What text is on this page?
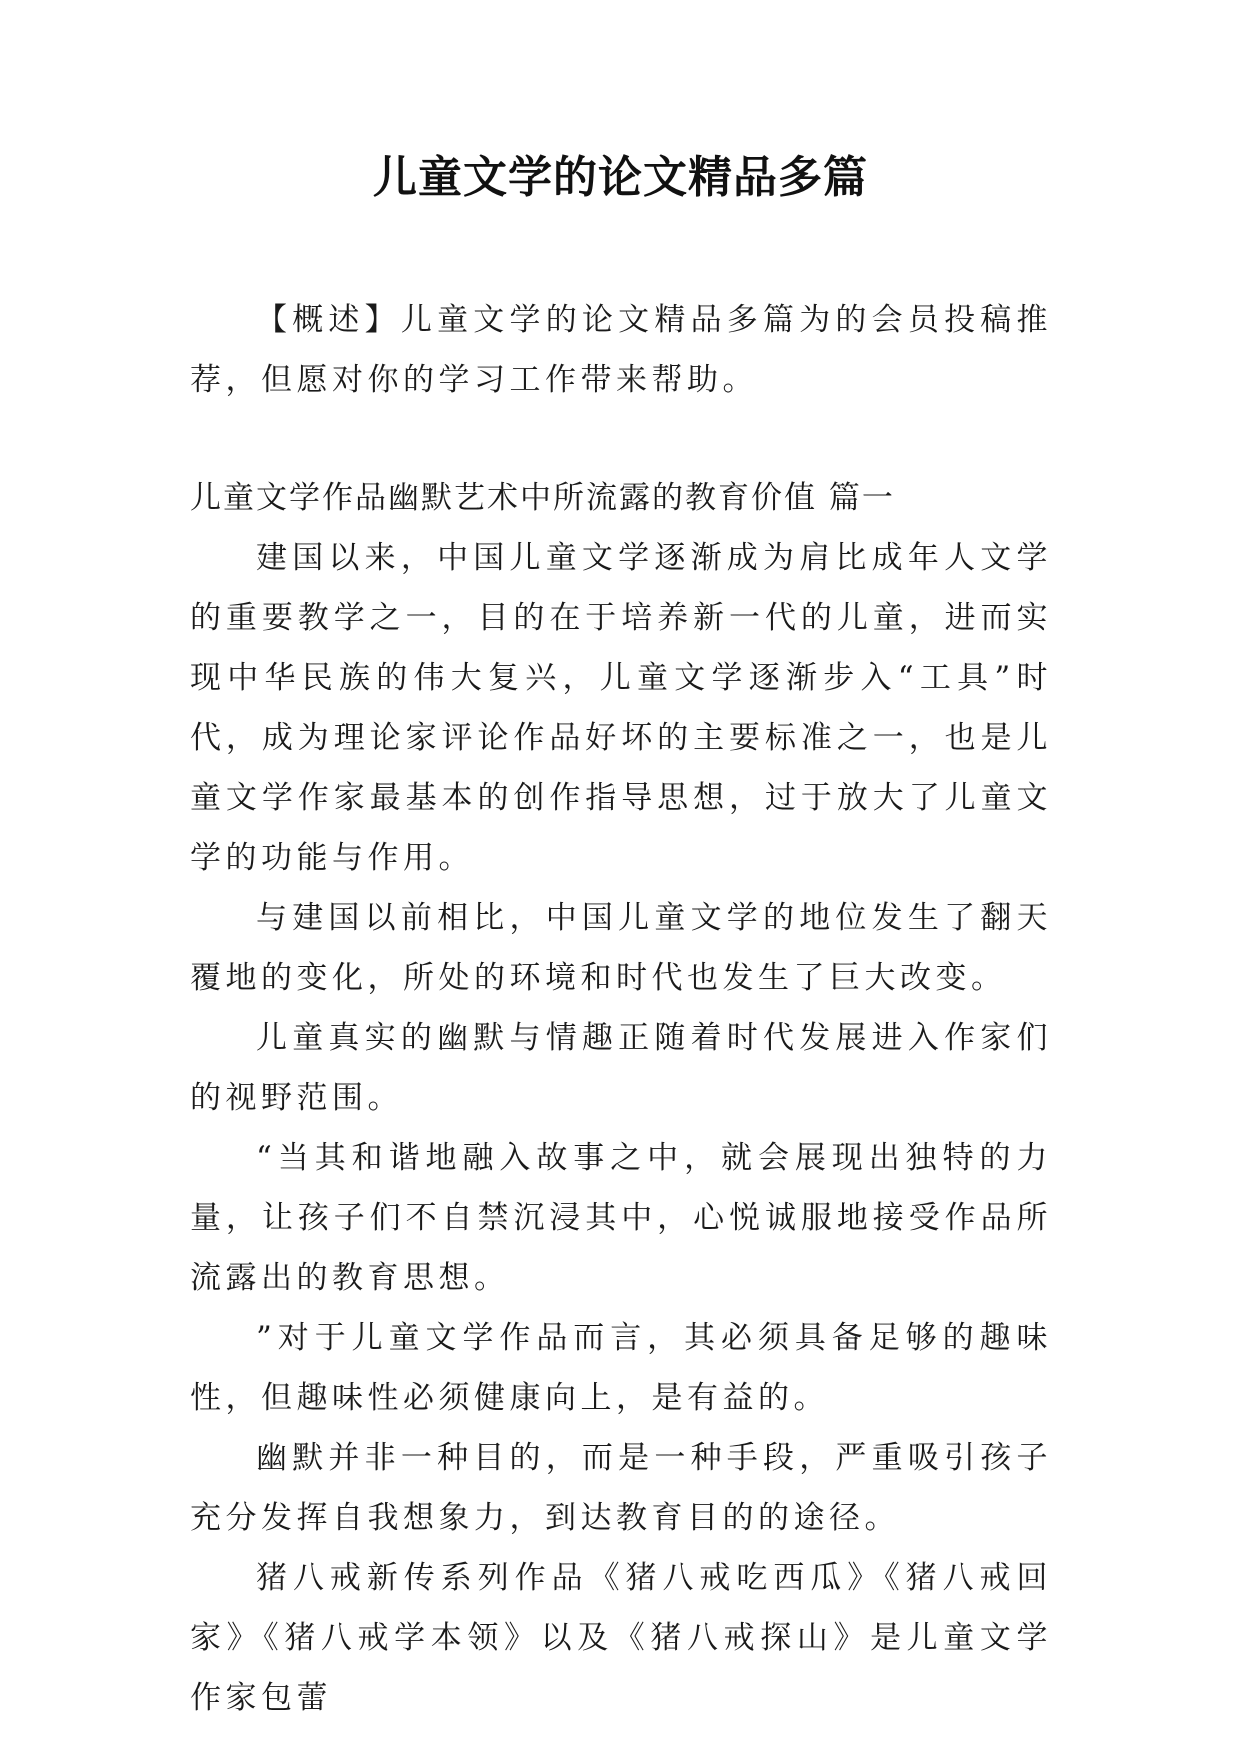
儿童文学的论文精品多篇

【概述】儿童文学的论文精品多篇为的会员投稿推荐，但愿对你的学习工作带来帮助。

儿童文学作品幽默艺术中所流露的教育价值 篇一

建国以来，中国儿童文学逐渐成为肩比成年人文学的重要教学之一，目的在于培养新一代的儿童，进而实现中华民族的伟大复兴，儿童文学逐渐步入“工具”时代，成为理论家评论作品好坏的主要标准之一，也是儿童文学作家最基本的创作指导思想，过于放大了儿童文学的功能与作用。

与建国以前相比，中国儿童文学的地位发生了翻天覆地的变化，所处的环境和时代也发生了巨大改变。

儿童真实的幽默与情趣正随着时代发展进入作家们的视野范围。

“当其和谐地融入故事之中，就会展现出独特的力量，让孩子们不自禁沉浸其中，心悦诚服地接受作品所流露出的教育思想。

”对于儿童文学作品而言，其必须具备足够的趣味性，但趣味性必须健康向上，是有益的。

幽默并非一种目的，而是一种手段，严重吸引孩子充分发挥自我想象力，到达教育目的的途径。

猪八戒新传系列作品《猪八戒吃西瓜》《猪八戒回家》《猪八戒学本领》以及《猪八戒探山》是儿童文学作家包蕾
